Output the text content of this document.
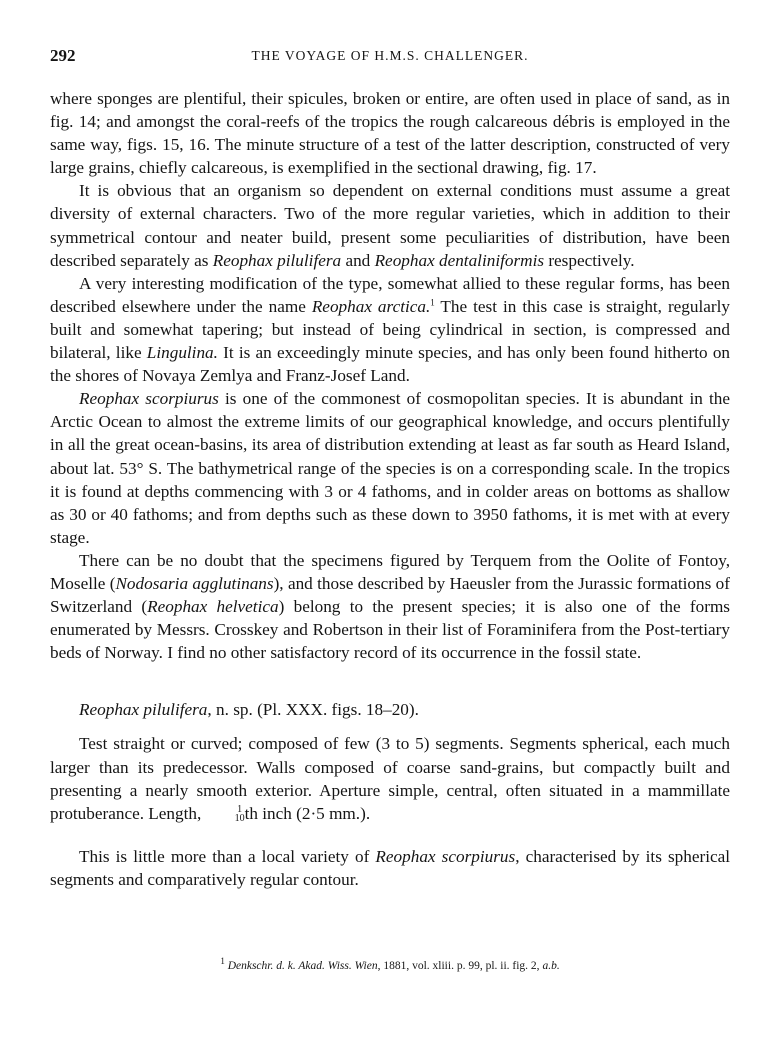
292	THE VOYAGE OF H.M.S. CHALLENGER.

where sponges are plentiful, their spicules, broken or entire, are often used in place of sand, as in fig. 14; and amongst the coral-reefs of the tropics the rough calcareous débris is employed in the same way, figs. 15, 16. The minute structure of a test of the latter description, constructed of very large grains, chiefly calcareous, is exemplified in the sectional drawing, fig. 17.

It is obvious that an organism so dependent on external conditions must assume a great diversity of external characters. Two of the more regular varieties, which in addition to their symmetrical contour and neater build, present some peculiarities of distribution, have been described separately as Reophax pilulifera and Reophax dentaliniformis respectively.

A very interesting modification of the type, somewhat allied to these regular forms, has been described elsewhere under the name Reophax arctica.$^1$ The test in this case is straight, regularly built and somewhat tapering; but instead of being cylindrical in section, is compressed and bilateral, like Lingulina. It is an exceedingly minute species, and has only been found hitherto on the shores of Novaya Zemlya and Franz-Josef Land.

Reophax scorpiurus is one of the commonest of cosmopolitan species. It is abundant in the Arctic Ocean to almost the extreme limits of our geographical knowledge, and occurs plentifully in all the great ocean-basins, its area of distribution extending at least as far south as Heard Island, about lat. 53° S. The bathymetrical range of the species is on a corresponding scale. In the tropics it is found at depths commencing with 3 or 4 fathoms, and in colder areas on bottoms as shallow as 30 or 40 fathoms; and from depths such as these down to 3950 fathoms, it is met with at every stage.

There can be no doubt that the specimens figured by Terquem from the Oolite of Fontoy, Moselle (Nodosaria agglutinans), and those described by Haeusler from the Jurassic formations of Switzerland (Reophax helvetica) belong to the present species; it is also one of the forms enumerated by Messrs. Crosskey and Robertson in their list of Foraminifera from the Post-tertiary beds of Norway. I find no other satisfactory record of its occurrence in the fossil state.

Reophax pilulifera, n. sp. (Pl. XXX. figs. 18–20).

Test straight or curved; composed of few (3 to 5) segments. Segments spherical, each much larger than its predecessor. Walls composed of coarse sand-grains, but compactly built and presenting a nearly smooth exterior. Aperture simple, central, often situated in a mammillate protuberance. Length,	1
10 th inch (2·5 mm.).

This is little more than a local variety of Reophax scorpiurus, characterised by its spherical segments and comparatively regular contour.

$^1$ Denkschr. d. k. Akad. Wiss. Wien, 1881, vol. xliii. p. 99, pl. ii. fig. 2, a.b.
